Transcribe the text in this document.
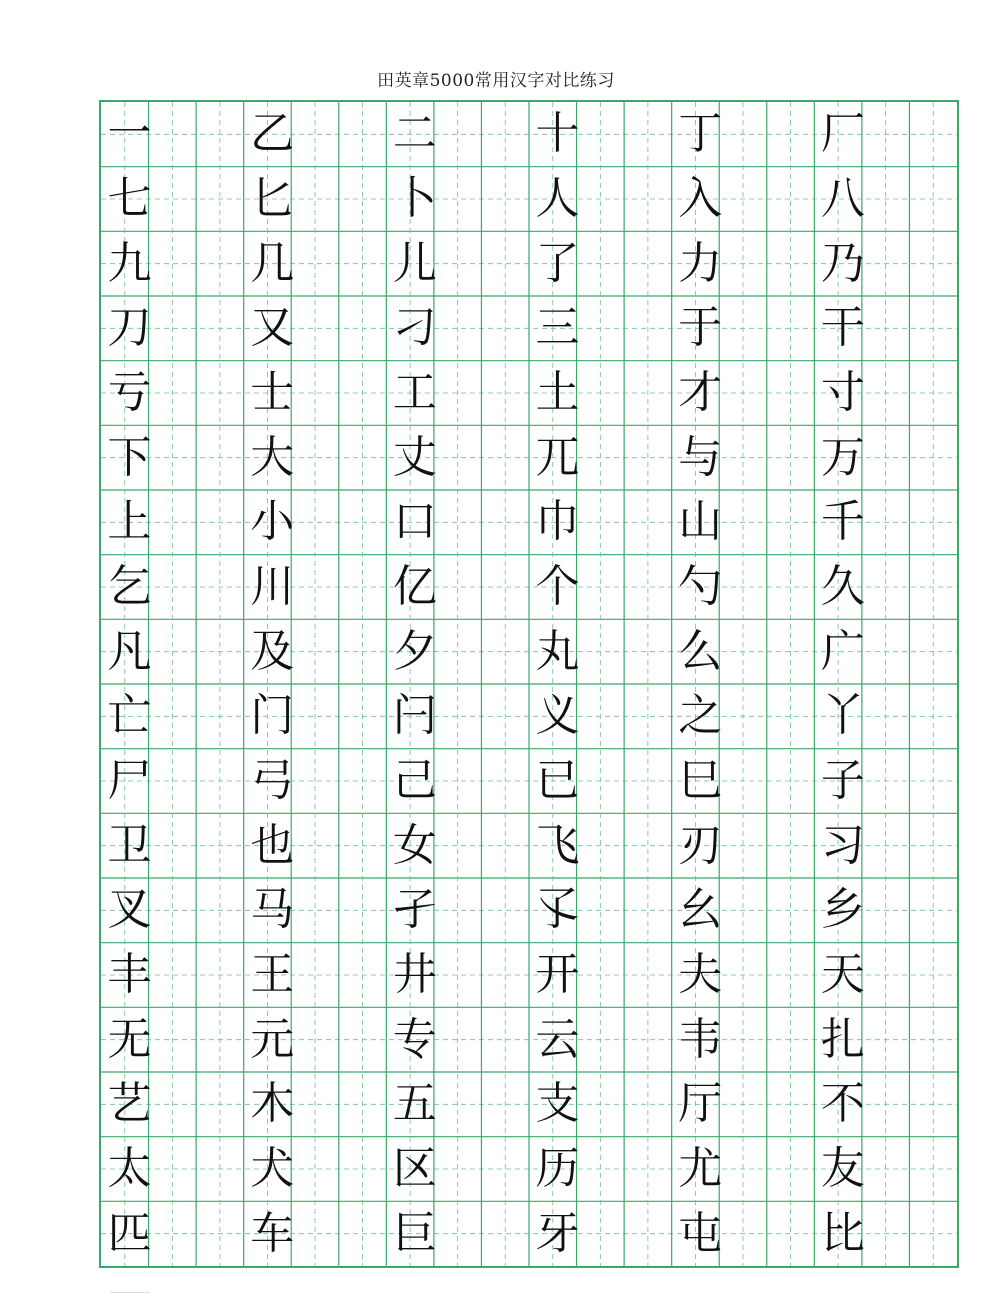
田英章5000常用汉字对比练习
一 乙 二 十 丁 厂
七 匕 卜 人 入 八
九 几 儿 了 力 乃
刀 又 刁 三 于 干
亏 士 工 土 才 寸
下 大 丈 兀 与 万
上 小 口 巾 山 千
乞 川 亿 个 勺 久
凡 及 夕 丸 么 广
亡 门 闩 义 之 丫
尸 弓 己 已 巳 子
卫 也 女 飞 刃 习
叉 马 孑 孓 幺 乡
丰 王 井 开 夫 天
无 元 专 云 韦 扎
艺 木 五 支 厅 不
太 犬 区 历 尤 友
匹 车 巨 牙 屯 比
